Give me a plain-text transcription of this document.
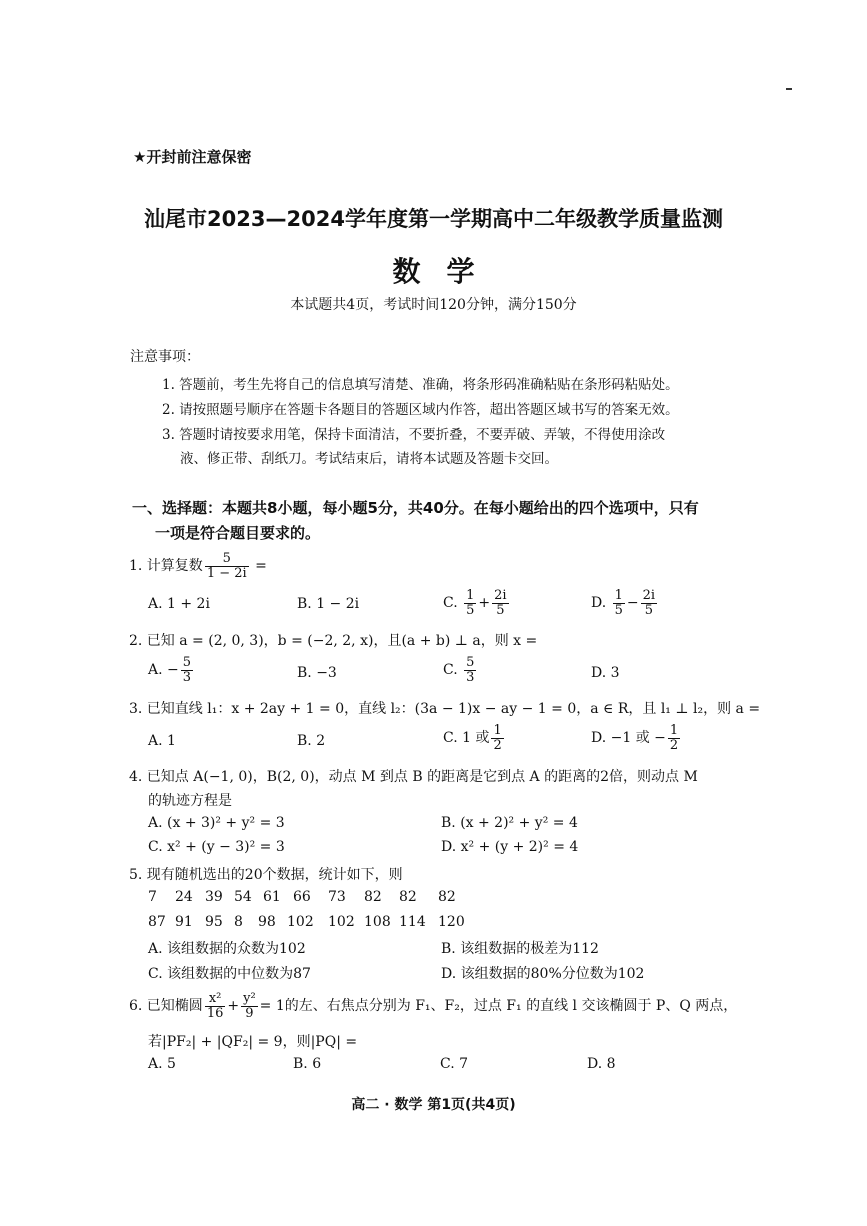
★开封前注意保密
汕尾市2023—2024学年度第一学期高中二年级教学质量监测
数学
本试题共4页，考试时间120分钟，满分150分
注意事项：
1. 答题前，考生先将自己的信息填写清楚、准确，将条形码准确粘贴在条形码粘贴处。
2. 请按照题号顺序在答题卡各题目的答题区域内作答，超出答题区域书写的答案无效。
3. 答题时请按要求用笔，保持卡面清洁，不要折叠，不要弄破、弄皱，不得使用涂改
液、修正带、刮纸刀。考试结束后，请将本试题及答题卡交回。
一、选择题：本题共8小题，每小题5分，共40分。在每小题给出的四个选项中，只有
一项是符合题目要求的。
1. 计算复数 $\frac{5}{1 - 2i}$ =
A. 1 + 2i	B. 1 − 2i	C. $\frac{1}{5} + \frac{2i}{5}$	D. $\frac{1}{5} - \frac{2i}{5}$
2. 已知 a = (2, 0, 3)，b = (−2, 2, x)，且(a + b) ⊥ a，则 x =
A. − $\frac{5}{3}$	B. −3	C. $\frac{5}{3}$	D. 3
3. 已知直线 l₁：x + 2ay + 1 = 0，直线 l₂：(3a − 1)x − ay − 1 = 0，a ∈ R，且 l₁ ⊥ l₂，则 a =
A. 1	B. 2	C. 1 或 $\frac{1}{2}$	D. −1 或 − $\frac{1}{2}$
4. 已知点 A(−1, 0)，B(2, 0)，动点 M 到点 B 的距离是它到点 A 的距离的2倍，则动点 M
的轨迹方程是
A. (x + 3)² + y² = 3	B. (x + 2)² + y² = 4
C. x² + (y − 3)² = 3	D. x² + (y + 2)² = 4
5. 现有随机选出的20个数据，统计如下，则
7 24 39 54 61 66 73 82 82 82
87 91 95 8 98 102 102 108 114 120
A. 该组数据的众数为102	B. 该组数据的极差为112
C. 该组数据的中位数为87	D. 该组数据的80%分位数为102
6. 已知椭圆 $\frac{\text{x²}}{16} + \frac{\text{y²}}{9} = 1$的左、右焦点分别为 F₁、F₂，过点 F₁ 的直线 l 交该椭圆于 P、Q 两点，
若|PF₂| + |QF₂| = 9，则|PQ| =
A. 5	B. 6	C. 7	D. 8
高二 · 数学 第1页(共4页)
